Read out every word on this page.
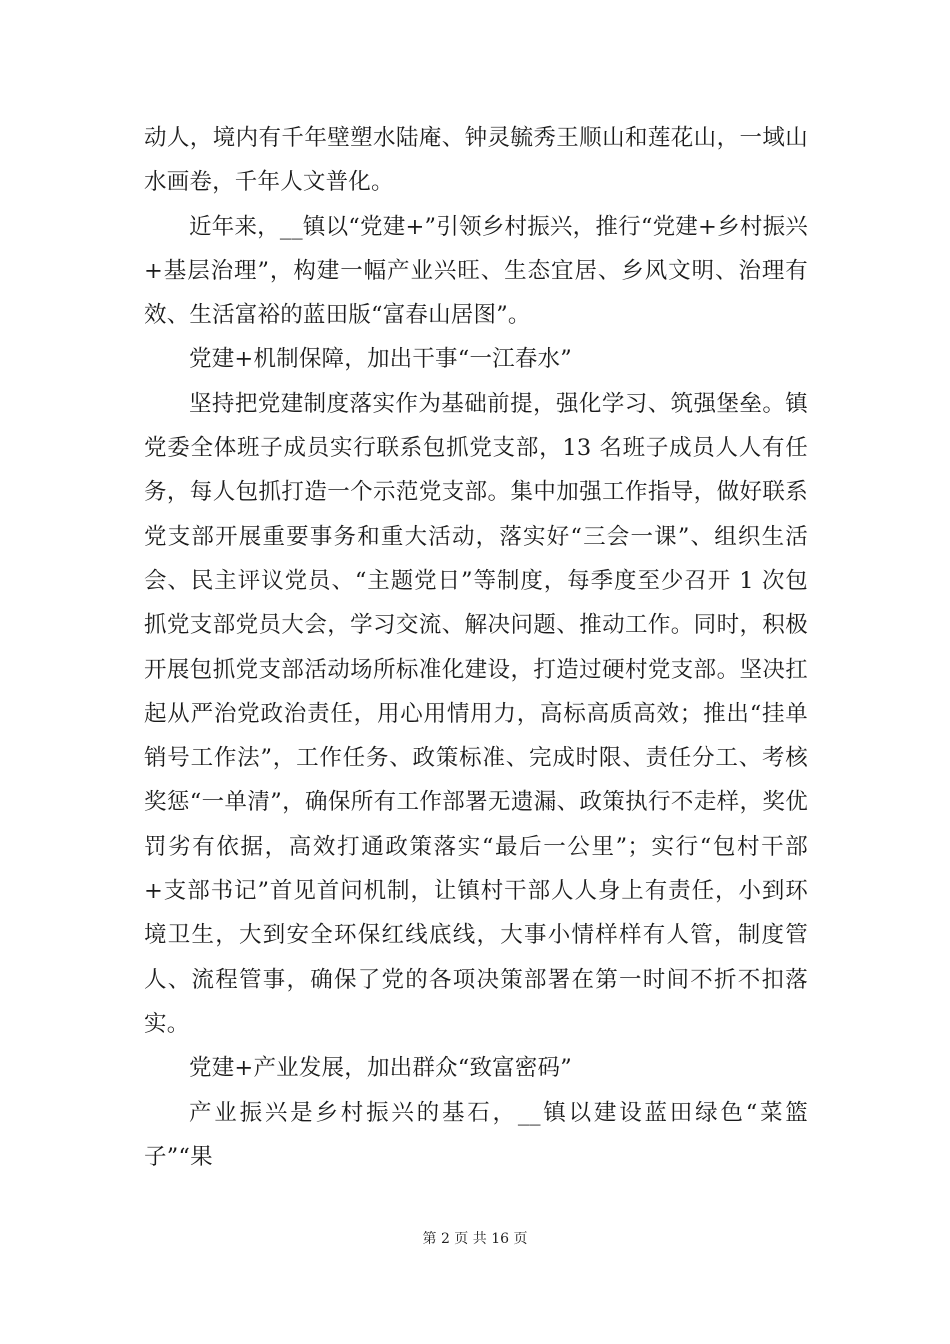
动人，境内有千年壁塑水陆庵、钟灵毓秀王顺山和莲花山，一域山水画卷，千年人文普化。

近年来，__镇以“党建+”引领乡村振兴，推行“党建+乡村振兴+基层治理”，构建一幅产业兴旺、生态宜居、乡风文明、治理有效、生活富裕的蓝田版“富春山居图”。

党建+机制保障，加出干事“一江春水”

坚持把党建制度落实作为基础前提，强化学习、筑强堡垒。镇党委全体班子成员实行联系包抓党支部，13 名班子成员人人有任务，每人包抓打造一个示范党支部。集中加强工作指导，做好联系党支部开展重要事务和重大活动，落实好“三会一课”、组织生活会、民主评议党员、“主题党日”等制度，每季度至少召开 1 次包抓党支部党员大会，学习交流、解决问题、推动工作。同时，积极开展包抓党支部活动场所标准化建设，打造过硬村党支部。坚决扛起从严治党政治责任，用心用情用力，高标高质高效；推出“挂单销号工作法”，工作任务、政策标准、完成时限、责任分工、考核奖惩“一单清”，确保所有工作部署无遗漏、政策执行不走样，奖优罚劣有依据，高效打通政策落实“最后一公里”；实行“包村干部+支部书记”首见首问机制，让镇村干部人人身上有责任，小到环境卫生，大到安全环保红线底线，大事小情样样有人管，制度管人、流程管事，确保了党的各项决策部署在第一时间不折不扣落实。

党建+产业发展，加出群众“致富密码”

产业振兴是乡村振兴的基石，__镇以建设蓝田绿色“菜篮子”“果

第 2 页 共 16 页
